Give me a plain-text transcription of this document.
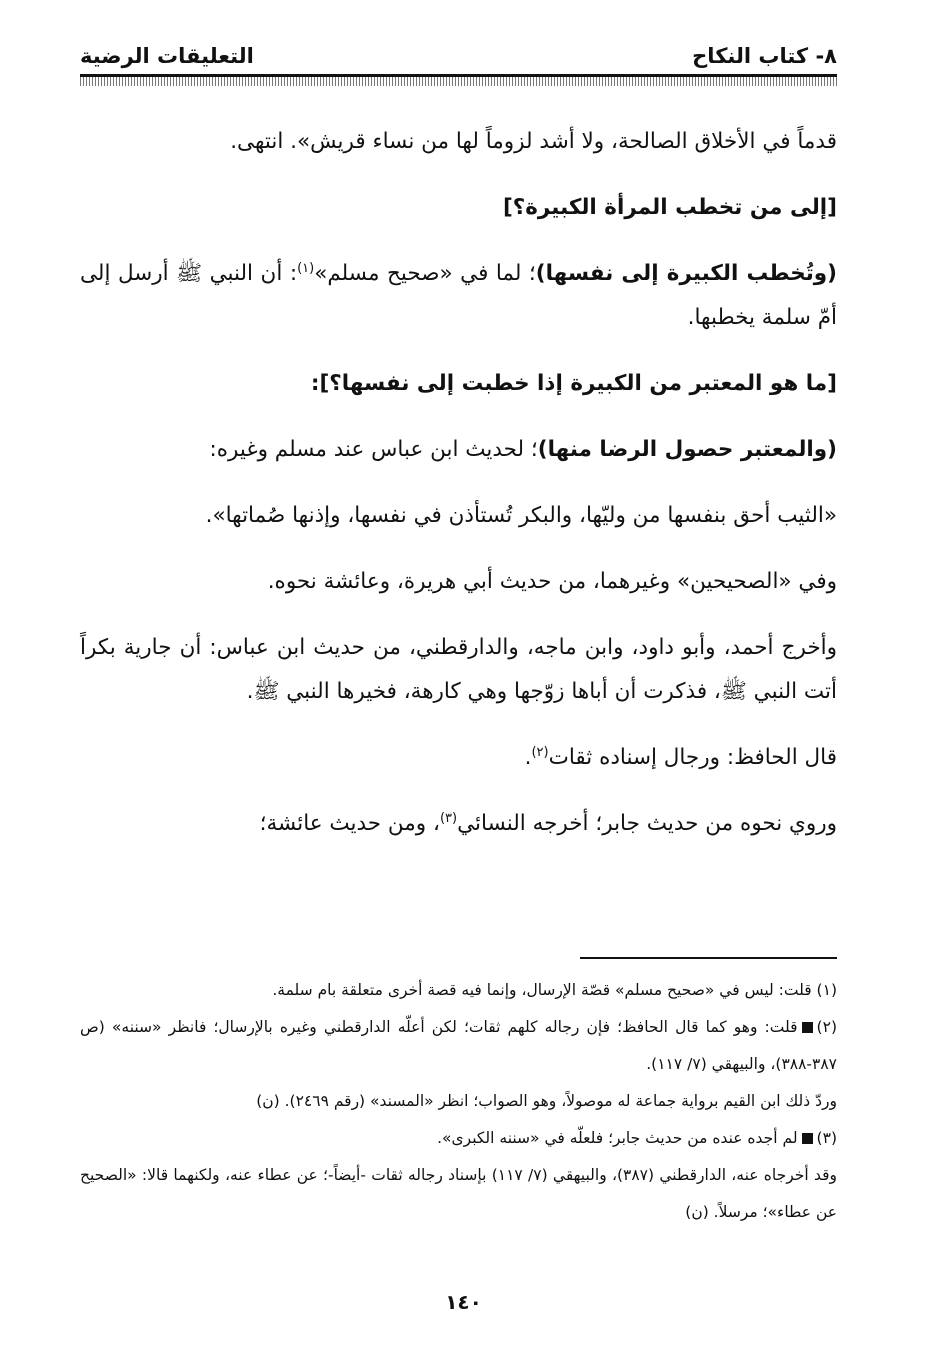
٨- كتاب النكاح
التعليقات الرضية

قدماً في الأخلاق الصالحة، ولا أشد لزوماً لها من نساء قريش». انتهى.

[إلى من تخطب المرأة الكبيرة؟]

(وتُخطب الكبيرة إلى نفسها)؛ لما في «صحيح مسلم»$^{(١)}$: أن النبي ﷺ أرسل إلى أمّ سلمة يخطبها.

[ما هو المعتبر من الكبيرة إذا خطبت إلى نفسها؟]:

(والمعتبر حصول الرضا منها)؛ لحديث ابن عباس عند مسلم وغيره:

«الثيب أحق بنفسها من وليّها، والبكر تُستأذن في نفسها، وإذنها صُماتها».

وفي «الصحيحين» وغيرهما، من حديث أبي هريرة، وعائشة نحوه.

وأخرج أحمد، وأبو داود، وابن ماجه، والدارقطني، من حديث ابن عباس: أن جارية بكراً أتت النبي ﷺ، فذكرت أن أباها زوّجها وهي كارهة، فخيرها النبي ﷺ.

قال الحافظ: ورجال إسناده ثقات$^{(٢)}$.

وروي نحوه من حديث جابر؛ أخرجه النسائي$^{(٣)}$، ومن حديث عائشة؛

(١) قلت: ليس في «صحيح مسلم» قصّة الإرسال، وإنما فيه قصة أخرى متعلقة بام سلمة.

(٢)قلت: وهو كما قال الحافظ؛ فإن رجاله كلهم ثقات؛ لكن أعلّه الدارقطني وغيره بالإرسال؛ فانظر «سننه» (ص ٣٨٧-٣٨٨)، والبيهقي (٧/ ١١٧).

وردّ ذلك ابن القيم برواية جماعة له موصولاً، وهو الصواب؛ انظر «المسند» (رقم ٢٤٦٩). (ن)

(٣)لم أجده عنده من حديث جابر؛ فلعلّه في «سننه الكبرى».

وقد أخرجاه عنه، الدارقطني (٣٨٧)، والبيهقي (٧/ ١١٧) بإسناد رجاله ثقات -أيضاً-؛ عن عطاء عنه، ولكنهما قالا: «الصحيح عن عطاء»؛ مرسلاً. (ن)

١٤٠
